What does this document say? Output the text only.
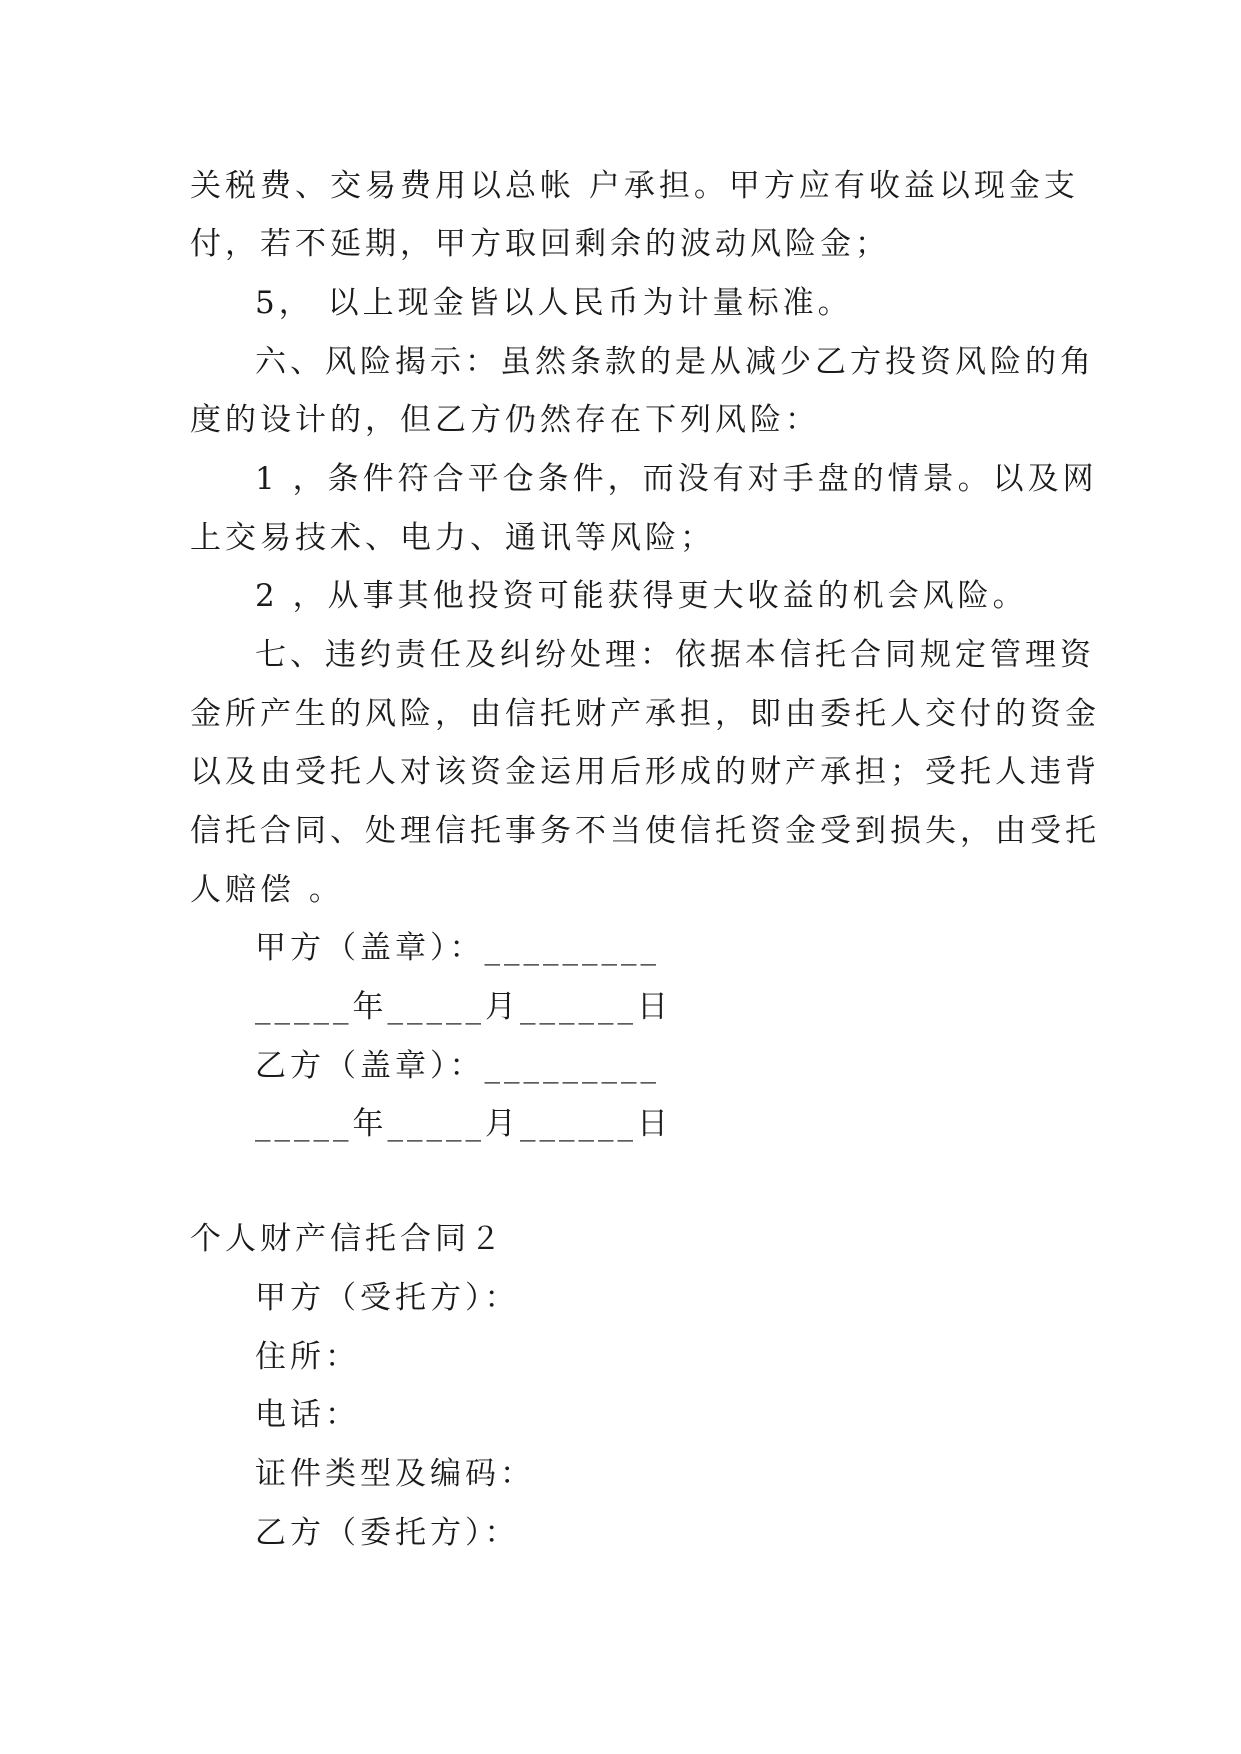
关税费、交易费用以总帐 户承担。甲方应有收益以现金支
付，若不延期，甲方取回剩余的波动风险金；
5， 以上现金皆以人民币为计量标准。
六、风险揭示：虽然条款的是从减少乙方投资风险的角
度的设计的，但乙方仍然存在下列风险：
1 ，条件符合平仓条件，而没有对手盘的情景。以及网
上交易技术、电力、通讯等风险；
2 ，从事其他投资可能获得更大收益的机会风险。
七、违约责任及纠纷处理：依据本信托合同规定管理资
金所产生的风险，由信托财产承担，即由委托人交付的资金
以及由受托人对该资金运用后形成的财产承担；受托人违背
信托合同、处理信托事务不当使信托资金受到损失，由受托
人赔偿 。
甲方（盖章）：_________
_____年_____月______日
乙方（盖章）：_________
_____年_____月______日
个人财产信托合同２
甲方（受托方）：
住所：
电话：
证件类型及编码：
乙方（委托方）：
